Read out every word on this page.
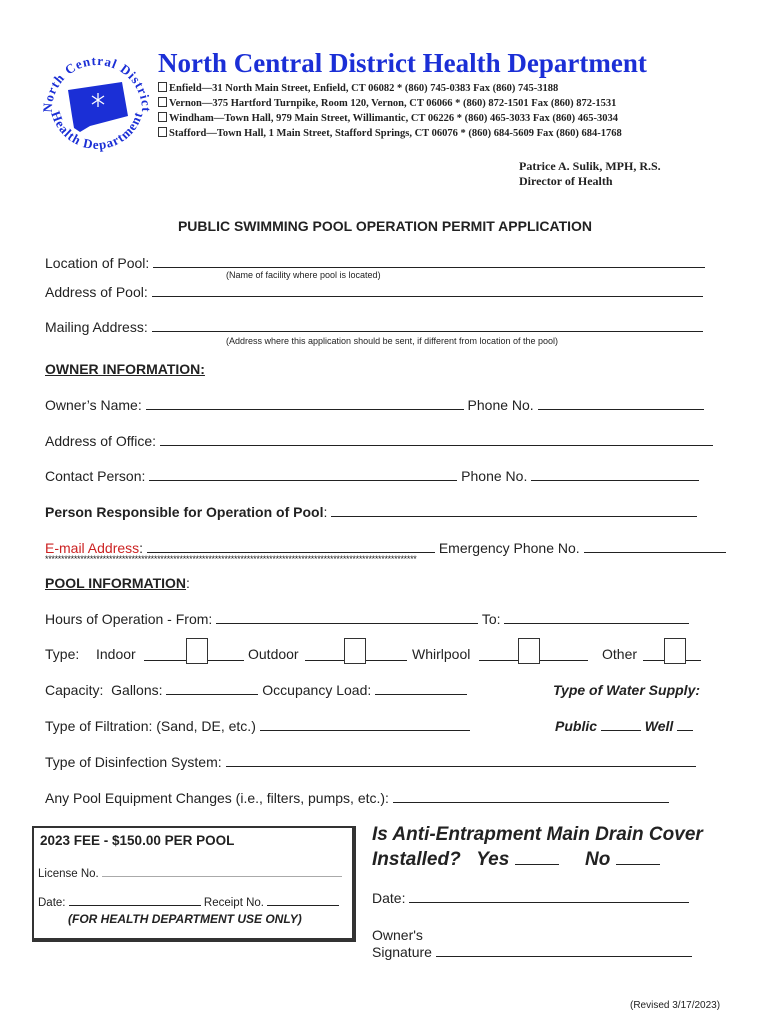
North Central District
Health Department
North Central District Health Department
Enfield—31 North Main Street, Enfield, CT 06082 * (860) 745-0383 Fax (860) 745-3188
Vernon—375 Hartford Turnpike, Room 120, Vernon, CT 06066 * (860) 872-1501 Fax (860) 872-1531
Windham—Town Hall, 979 Main Street, Willimantic, CT 06226 * (860) 465-3033 Fax (860) 465-3034
Stafford—Town Hall, 1 Main Street, Stafford Springs, CT 06076 * (860) 684-5609 Fax (860) 684-1768
Patrice A. Sulik, MPH, R.S.
Director of Health
PUBLIC SWIMMING POOL OPERATION PERMIT APPLICATION
Location of Pool:
(Name of facility where pool is located)
Address of Pool:
Mailing Address:
(Address where this application should be sent, if different from location of the pool)
OWNER INFORMATION:
Owner’s Name:	Phone No.
Address of Office:
Contact Person:	Phone No.
Person Responsible for Operation of Pool:
E-mail Address:	Emergency Phone No.
********************************************************************************************************************
POOL INFORMATION:
Hours of Operation - From:	To:
Type: Indoor	Outdoor	Whirlpool	Other
Capacity: Gallons:	Occupancy Load:	Type of Water Supply:
Type of Filtration: (Sand, DE, etc.)	Public	Well
Type of Disinfection System:
Any Pool Equipment Changes (i.e., filters, pumps, etc.):
2023 FEE - $150.00 PER POOL
License No.
Date:	Receipt No.
(FOR HEALTH DEPARTMENT USE ONLY)
Is Anti-Entrapment Main Drain Cover
Installed? Yes	No
Date:
Owner's
Signature
(Revised 3/17/2023)
